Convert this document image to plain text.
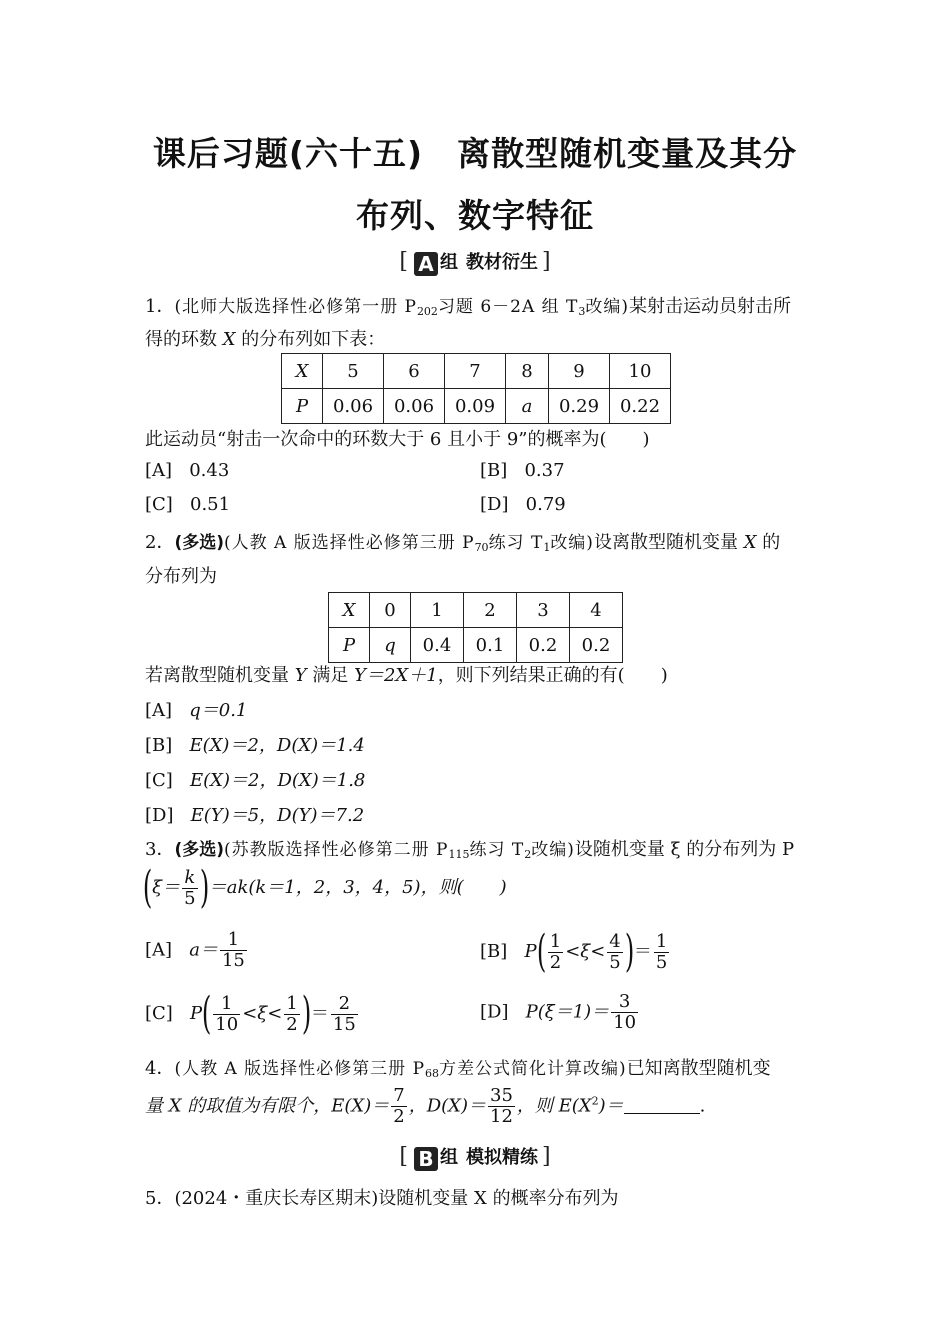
课后习题(六十五)　离散型随机变量及其分
布列、数字特征
[ A 组 教材衍生 ]
1．(北师大版选择性必修第一册 $P_{202}$习题 6－2A 组 $T_3$改编)某射击运动员射击所
得的环数 X 的分布列如下表：
X	5	6	7	8	9	10
P	0.06	0.06	0.09	a	0.29	0.22
此运动员“射击一次命中的环数大于 6 且小于 9”的概率为(　　)
[A] 0.43	[B] 0.37
[C] 0.51	[D] 0.79
2．(多选)(人教 A 版选择性必修第三册 $P_{70}$练习 $T_1$改编)设离散型随机变量 X 的
分布列为
X	0	1	2	3	4
P	q	0.4	0.1	0.2	0.2
若离散型随机变量 Y 满足 Y＝2X＋1，则下列结果正确的有(　　)
[A] q＝0.1
[B] E(X)＝2，D(X)＝1.4
[C] E(X)＝2，D(X)＝1.8
[D] E(Y)＝5，D(Y)＝7.2
3．(多选)(苏教版选择性必修第二册 $P_{115}$练习 $T_2$改编)设随机变量 ξ 的分布列为 P
$(\xi= \frac{k}{5} )=ak(k=1$，2，3，4，5)，则(　　)
[A] $a= \frac{1}{15}$	[B] $P( \frac{1}{2} <\xi< \frac{4}{5}$ )＝ $\frac{1}{5}$
[C] $P( \frac{1}{10} <\xi< \frac{1}{2}$ )＝ $\frac{2}{15}$	[D] $P(\xi=1)= \frac{3}{10}$
4．(人教 A 版选择性必修第三册 $P_{68}$方差公式简化计算改编)已知离散型随机变
量 X 的取值为有限个，$E(X)= \frac{7}{2}$ ，$D(X)= \frac{35}{12}$ ，则 $E(X^2)=$	.
[ B 组 模拟精练 ]
5．(2024・重庆长寿区期末)设随机变量 X 的概率分布列为
